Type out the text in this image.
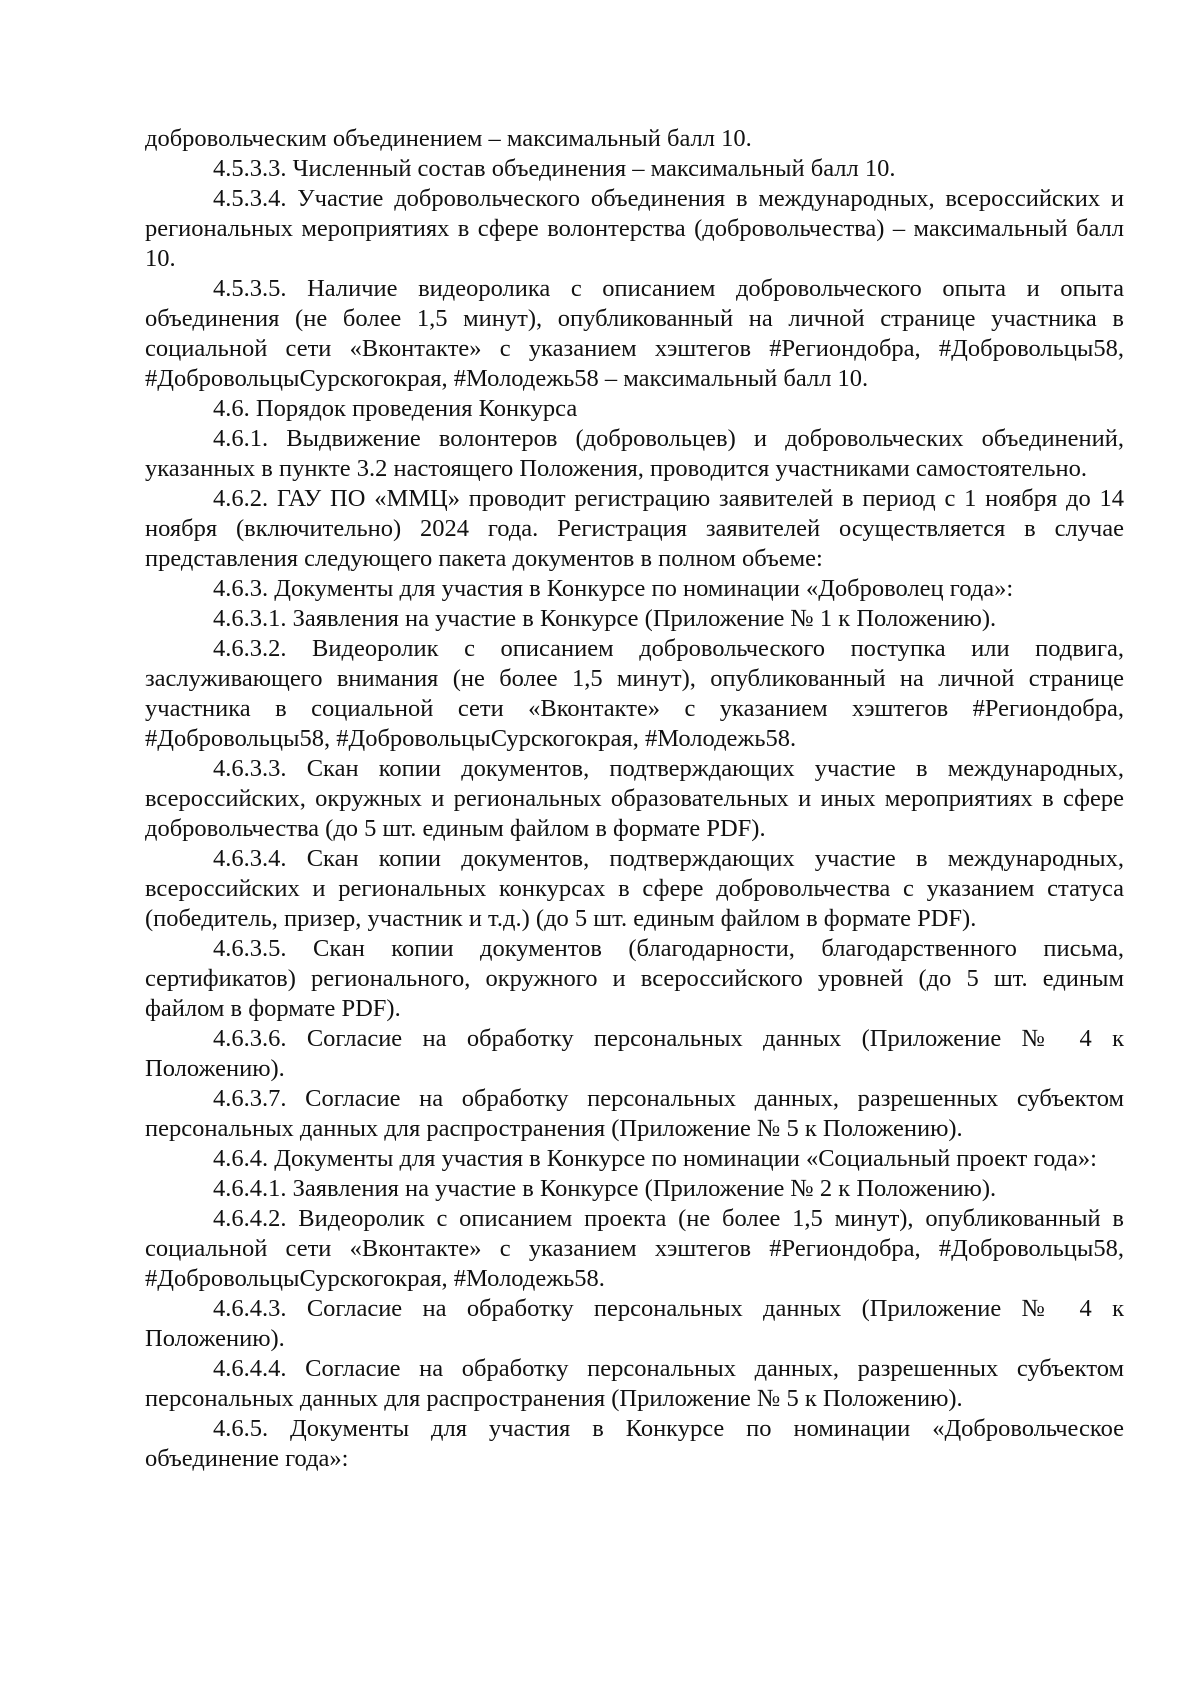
добровольческим объединением – максимальный балл 10.

4.5.3.3. Численный состав объединения – максимальный балл 10.

4.5.3.4. Участие добровольческого объединения в международных, всероссийских и региональных мероприятиях в сфере волонтерства (добровольчества) – максимальный балл 10.

4.5.3.5. Наличие видеоролика с описанием добровольческого опыта и опыта объединения (не более 1,5 минут), опубликованный на личной странице участника в социальной сети «Вконтакте» с указанием хэштегов #Региондобра, #Добровольцы58, #ДобровольцыСурскогокрая, #Молодежь58 – максимальный балл 10.

4.6. Порядок проведения Конкурса

4.6.1. Выдвижение волонтеров (добровольцев) и добровольческих объединений, указанных в пункте 3.2 настоящего Положения, проводится участниками самостоятельно.

4.6.2. ГАУ ПО «ММЦ» проводит регистрацию заявителей в период с 1 ноября до 14 ноября (включительно) 2024 года. Регистрация заявителей осуществляется в случае представления следующего пакета документов в полном объеме:

4.6.3. Документы для участия в Конкурсе по номинации «Доброволец года»:

4.6.3.1. Заявления на участие в Конкурсе (Приложение № 1 к Положению).

4.6.3.2. Видеоролик с описанием добровольческого поступка или подвига, заслуживающего внимания (не более 1,5 минут), опубликованный на личной странице участника в социальной сети «Вконтакте» с указанием хэштегов #Региондобра, #Добровольцы58, #ДобровольцыСурскогокрая, #Молодежь58.

4.6.3.3. Скан копии документов, подтверждающих участие в международных, всероссийских, окружных и региональных образовательных и иных мероприятиях в сфере добровольчества (до 5 шт. единым файлом в формате PDF).

4.6.3.4. Скан копии документов, подтверждающих участие в международных, всероссийских и региональных конкурсах в сфере добровольчества с указанием статуса (победитель, призер, участник и т.д.) (до 5 шт. единым файлом в формате PDF).

4.6.3.5. Скан копии документов (благодарности, благодарственного письма, сертификатов) регионального, окружного и всероссийского уровней (до 5 шт. единым файлом в формате PDF).

4.6.3.6. Согласие на обработку персональных данных (Приложение № 4 к Положению).

4.6.3.7. Согласие на обработку персональных данных, разрешенных субъектом персональных данных для распространения (Приложение № 5 к Положению).

4.6.4. Документы для участия в Конкурсе по номинации «Социальный проект года»:

4.6.4.1. Заявления на участие в Конкурсе (Приложение № 2 к Положению).

4.6.4.2. Видеоролик с описанием проекта (не более 1,5 минут), опубликованный в социальной сети «Вконтакте» с указанием хэштегов #Региондобра, #Добровольцы58, #ДобровольцыСурскогокрая, #Молодежь58.

4.6.4.3. Согласие на обработку персональных данных (Приложение № 4 к Положению).

4.6.4.4. Согласие на обработку персональных данных, разрешенных субъектом персональных данных для распространения (Приложение № 5 к Положению).

4.6.5. Документы для участия в Конкурсе по номинации «Добровольческое объединение года»:
